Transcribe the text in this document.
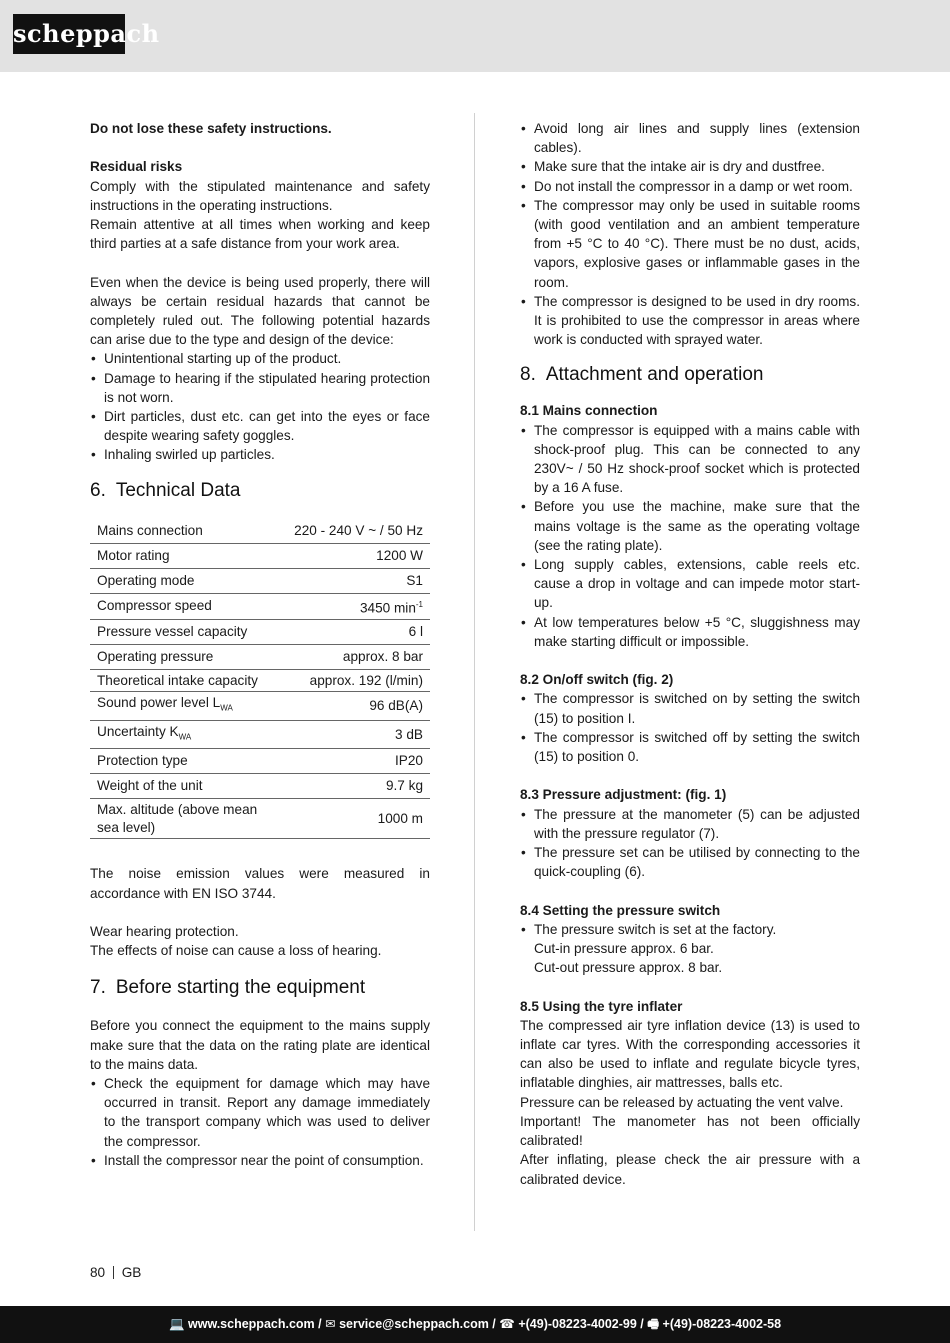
scheppach

Do not lose these safety instructions.

Residual risks

Comply with the stipulated maintenance and safety instructions in the operating instructions.

Remain attentive at all times when working and keep third parties at a safe distance from your work area.

Even when the device is being used properly, there will always be certain residual hazards that cannot be completely ruled out. The following potential hazards can arise due to the type and design of the device:

• Unintentional starting up of the product.
• Damage to hearing if the stipulated hearing protection is not worn.
• Dirt particles, dust etc. can get into the eyes or face despite wearing safety goggles.
• Inhaling swirled up particles.
6. Technical Data
Mains connection	220 - 240 V ~ / 50 Hz
Motor rating	1200 W
Operating mode	S1
Compressor speed	3450 $\min^{-1}$
Pressure vessel capacity	6 l
Operating pressure	approx. 8 bar
Theoretical intake capacity	approx. 192 (l/min)
Sound power level $L_{WA}$	96 dB(A)
Uncertainty $K_{WA}$	3 dB
Protection type	IP20
Weight of the unit	9.7 kg
Max. altitude (above mean sea level)	1000 m

The noise emission values were measured in accordance with EN ISO 3744.

Wear hearing protection.

The effects of noise can cause a loss of hearing.

7. Before starting the equipment

Before you connect the equipment to the mains supply make sure that the data on the rating plate are identical to the mains data.

• Check the equipment for damage which may have occurred in transit. Report any damage immediately to the transport company which was used to deliver the compressor.
• Install the compressor near the point of consumption.
• Avoid long air lines and supply lines (extension cables).
• Make sure that the intake air is dry and dustfree.
• Do not install the compressor in a damp or wet room.
• The compressor may only be used in suitable rooms (with good ventilation and an ambient temperature from +5 °C to 40 °C). There must be no dust, acids, vapors, explosive gases or inflammable gases in the room.
• The compressor is designed to be used in dry rooms. It is prohibited to use the compressor in areas where work is conducted with sprayed water.
8. Attachment and operation

8.1 Mains connection

• The compressor is equipped with a mains cable with shock-proof plug. This can be connected to any 230V~ / 50 Hz shock-proof socket which is protected by a 16 A fuse.
• Before you use the machine, make sure that the mains voltage is the same as the operating voltage (see the rating plate).
• Long supply cables, extensions, cable reels etc. cause a drop in voltage and can impede motor start-up.
• At low temperatures below +5 °C, sluggishness may make starting difficult or impossible.

8.2 On/off switch (fig. 2)

• The compressor is switched on by setting the switch (15) to position I.
• The compressor is switched off by setting the switch (15) to position 0.

8.3 Pressure adjustment: (fig. 1)

• The pressure at the manometer (5) can be adjusted with the pressure regulator (7).
• The pressure set can be utilised by connecting to the quick-coupling (6).

8.4 Setting the pressure switch

• The pressure switch is set at the factory.

Cut-in pressure approx. 6 bar.

Cut-out pressure approx. 8 bar.

8.5 Using the tyre inflater

The compressed air tyre inflation device (13) is used to inflate car tyres. With the corresponding accessories it can also be used to inflate and regulate bicycle tyres, inflatable dinghies, air mattresses, balls etc.

Pressure can be released by actuating the vent valve.

Important! The manometer has not been officially calibrated!

After inflating, please check the air pressure with a calibrated device.

80 GB
💻 www.scheppach.com / ✉ service@scheppach.com / ☎ +(49)-08223-4002-99 / 🖷 +(49)-08223-4002-58
